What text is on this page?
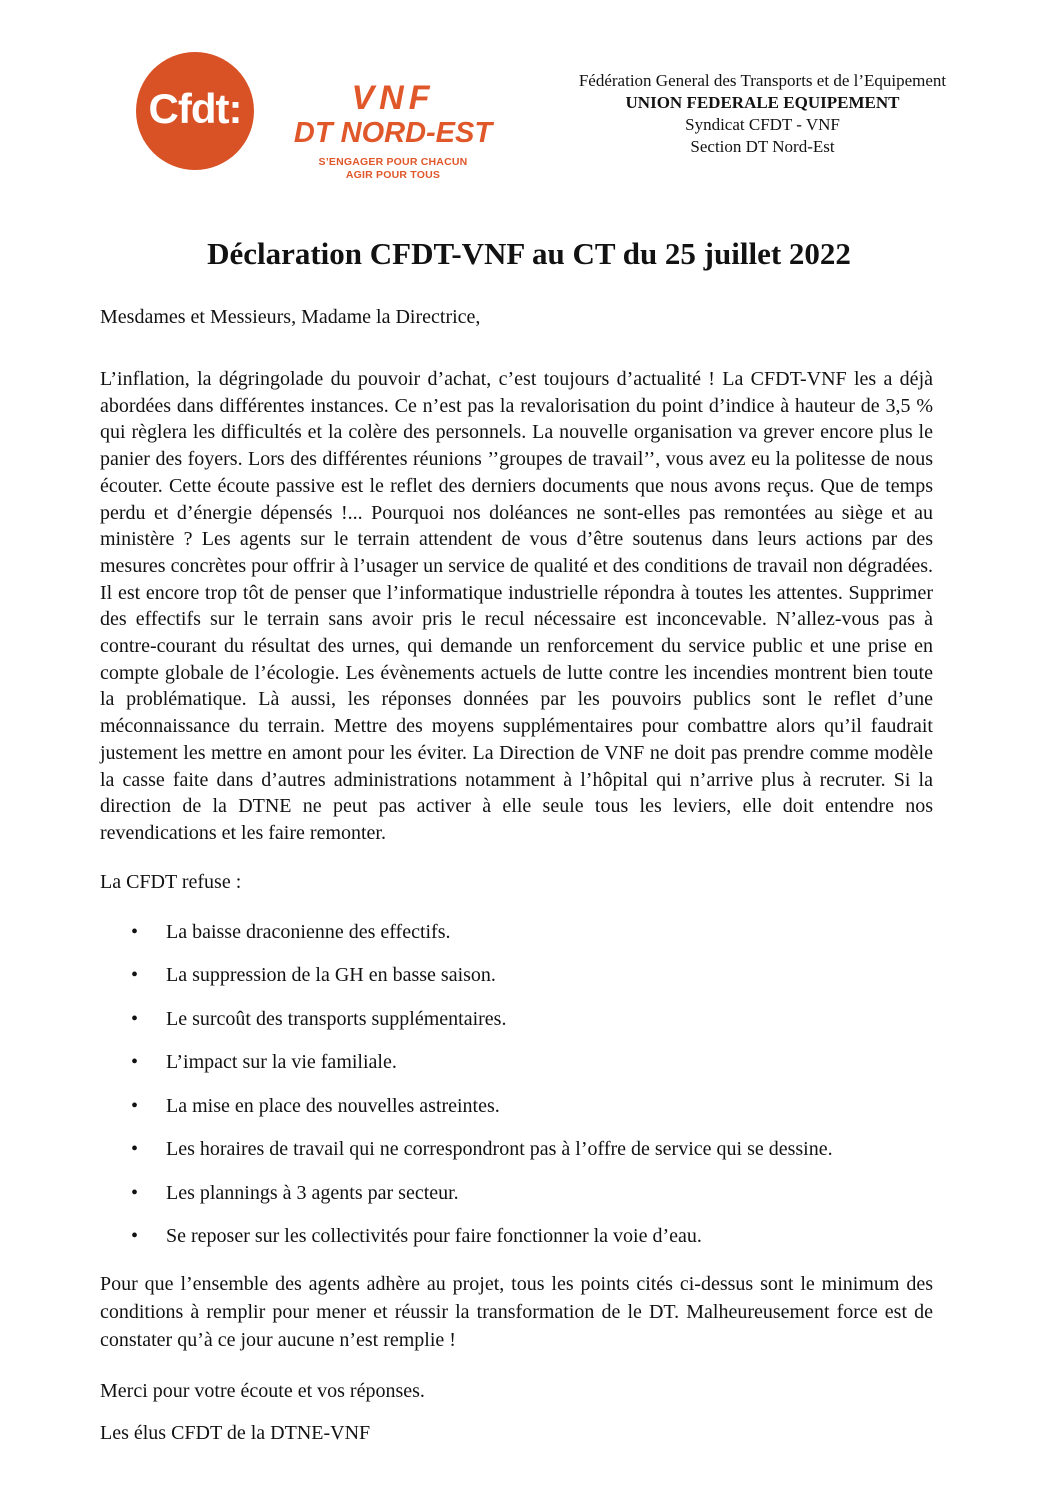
Cfdt:	VNF
DT NORD-EST
S’ENGAGER POUR CHACUN
AGIR POUR TOUS
Fédération General des Transports et de l’Equipement
UNION FEDERALE EQUIPEMENT
Syndicat CFDT - VNF
Section DT Nord-Est
Déclaration CFDT-VNF au CT du 25 juillet 2022
Mesdames et Messieurs, Madame la Directrice,
L’inflation, la dégringolade du pouvoir d’achat, c’est toujours d’actualité ! La CFDT-VNF les a déjà abordées dans différentes instances. Ce n’est pas la revalorisation du point d’indice à hauteur de 3,5 % qui règlera les difficultés et la colère des personnels. La nouvelle organisation va grever encore plus le panier des foyers. Lors des différentes réunions ’’groupes de travail’’, vous avez eu la politesse de nous écouter. Cette écoute passive est le reflet des derniers documents que nous avons reçus. Que de temps perdu et d’énergie dépensés !... Pourquoi nos doléances ne sont-elles pas remontées au siège et au ministère ? Les agents sur le terrain attendent de vous d’être soutenus dans leurs actions par des mesures concrètes pour offrir à l’usager un service de qualité et des conditions de travail non dégradées. Il est encore trop tôt de penser que l’informatique industrielle répondra à toutes les attentes. Supprimer des effectifs sur le terrain sans avoir pris le recul nécessaire est inconcevable. N’allez-vous pas à contre-courant du résultat des urnes, qui demande un renforcement du service public et une prise en compte globale de l’écologie. Les évènements actuels de lutte contre les incendies montrent bien toute la problématique. Là aussi, les réponses données par les pouvoirs publics sont le reflet d’une méconnaissance du terrain. Mettre des moyens supplémentaires pour combattre alors qu’il faudrait justement les mettre en amont pour les éviter. La Direction de VNF ne doit pas prendre comme modèle la casse faite dans d’autres administrations notamment à l’hôpital qui n’arrive plus à recruter. Si la direction de la DTNE ne peut pas activer à elle seule tous les leviers, elle doit entendre nos revendications et les faire remonter.
La CFDT refuse :
• La baisse draconienne des effectifs.
• La suppression de la GH en basse saison.
• Le surcoût des transports supplémentaires.
• L’impact sur la vie familiale.
• La mise en place des nouvelles astreintes.
• Les horaires de travail qui ne correspondront pas à l’offre de service qui se dessine.
• Les plannings à 3 agents par secteur.
• Se reposer sur les collectivités pour faire fonctionner la voie d’eau.
Pour que l’ensemble des agents adhère au projet, tous les points cités ci-dessus sont le minimum des conditions à remplir pour mener et réussir la transformation de le DT. Malheureusement force est de constater qu’à ce jour aucune n’est remplie !
Merci pour votre écoute et vos réponses.
Les élus CFDT de la DTNE-VNF
